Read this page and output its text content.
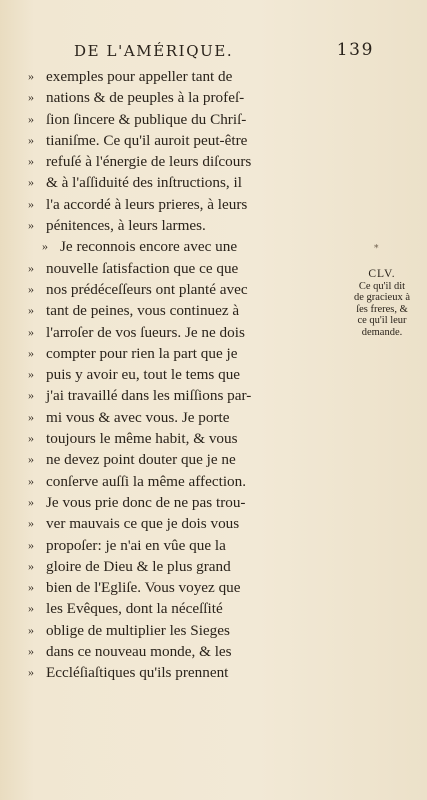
DE L'AMÉRIQUE.	139
» exemples pour appeller tant de
» nations & de peuples à la profeſ-
» ſion ſincere & publique du Chriſ-
» tianiſme. Ce qu'il auroit peut-être
» refuſé à l'énergie de leurs diſcours
» & à l'aſſiduité des inſtructions, il
» l'a accordé à leurs prieres, à leurs
» pénitences, à leurs larmes.
» Je reconnois encore avec une
» nouvelle ſatisfaction que ce que
» nos prédéceſſeurs ont planté avec
» tant de peines, vous continuez à
» l'arroſer de vos ſueurs. Je ne dois
» compter pour rien la part que je
» puis y avoir eu, tout le tems que
» j'ai travaillé dans les miſſions par-
» mi vous & avec vous. Je porte
» toujours le même habit, & vous
» ne devez point douter que je ne
» conſerve auſſi la même affection.
» Je vous prie donc de ne pas trou-
» ver mauvais ce que je dois vous
» propoſer: je n'ai en vûe que la
» gloire de Dieu & le plus grand
» bien de l'Egliſe. Vous voyez que
» les Evêques, dont la néceſſité
» oblige de multiplier les Sieges
» dans ce nouveau monde, & les
» Eccléſiaſtiques qu'ils prennent
*
CLV.
Ce qu'il dit
de gracieux à
ſes freres, &
ce qu'il leur
demande.
